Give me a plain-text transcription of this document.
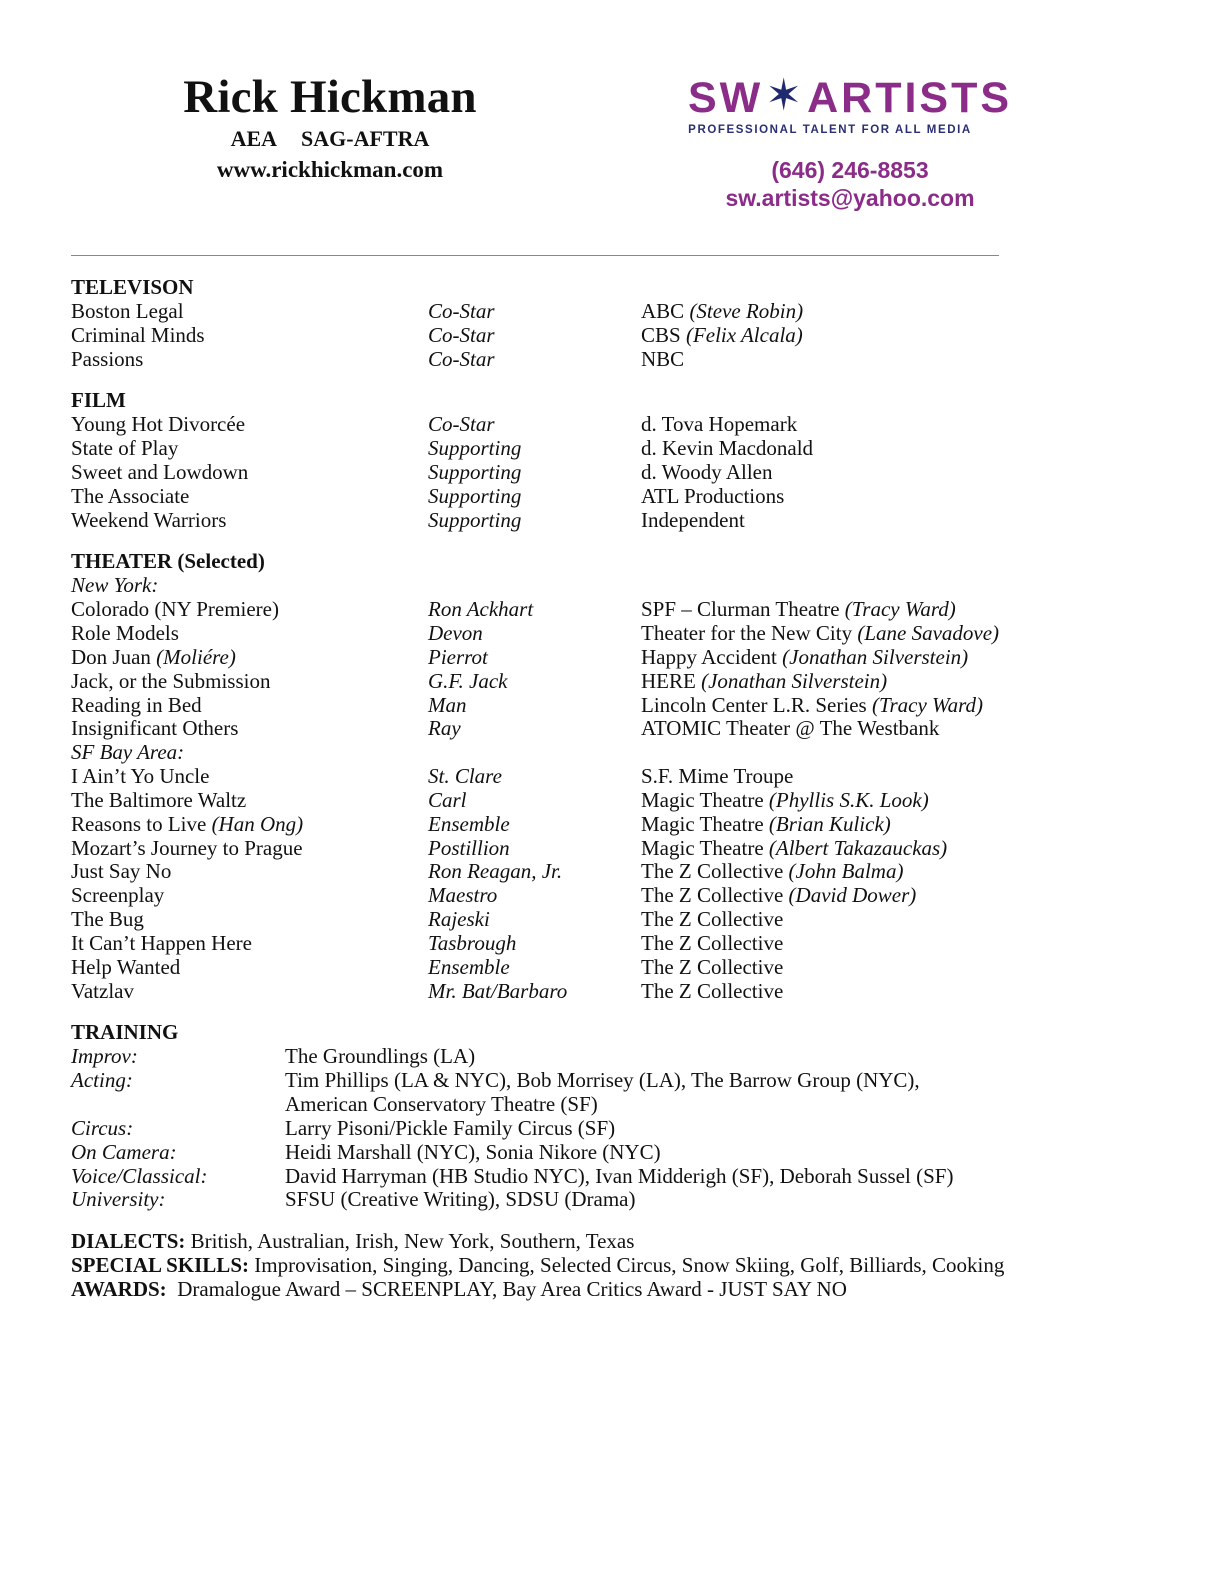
Rick Hickman
AEA SAG-AFTRA
www.rickhickman.com
SW✶ARTISTS
PROFESSIONAL TALENT FOR ALL MEDIA
(646) 246-8853
sw.artists@yahoo.com
TELEVISON
Boston Legal	Co-Star	ABC (Steve Robin)
Criminal Minds	Co-Star	CBS (Felix Alcala)
Passions	Co-Star	NBC
FILM
Young Hot Divorcée	Co-Star	d. Tova Hopemark
State of Play	Supporting	d. Kevin Macdonald
Sweet and Lowdown	Supporting	d. Woody Allen
The Associate	Supporting	ATL Productions
Weekend Warriors	Supporting	Independent
THEATER (Selected)
New York:
Colorado (NY Premiere)	Ron Ackhart	SPF – Clurman Theatre (Tracy Ward)
Role Models	Devon	Theater for the New City (Lane Savadove)
Don Juan (Moliére)	Pierrot	Happy Accident (Jonathan Silverstein)
Jack, or the Submission	G.F. Jack	HERE (Jonathan Silverstein)
Reading in Bed	Man	Lincoln Center L.R. Series (Tracy Ward)
Insignificant Others	Ray	ATOMIC Theater @ The Westbank
SF Bay Area:
I Ain’t Yo Uncle	St. Clare	S.F. Mime Troupe
The Baltimore Waltz	Carl	Magic Theatre (Phyllis S.K. Look)
Reasons to Live (Han Ong)	Ensemble	Magic Theatre (Brian Kulick)
Mozart’s Journey to Prague	Postillion	Magic Theatre (Albert Takazauckas)
Just Say No	Ron Reagan, Jr.	The Z Collective (John Balma)
Screenplay	Maestro	The Z Collective (David Dower)
The Bug	Rajeski	The Z Collective
It Can’t Happen Here	Tasbrough	The Z Collective
Help Wanted	Ensemble	The Z Collective
Vatzlav	Mr. Bat/Barbaro	The Z Collective
TRAINING
Improv:	The Groundlings (LA)
Acting:	Tim Phillips (LA & NYC), Bob Morrisey (LA), The Barrow Group (NYC),
American Conservatory Theatre (SF)
Circus:	Larry Pisoni/Pickle Family Circus (SF)
On Camera:	Heidi Marshall (NYC), Sonia Nikore (NYC)
Voice/Classical:	David Harryman (HB Studio NYC), Ivan Midderigh (SF), Deborah Sussel (SF)
University:	SFSU (Creative Writing), SDSU (Drama)
DIALECTS: British, Australian, Irish, New York, Southern, Texas
SPECIAL SKILLS: Improvisation, Singing, Dancing, Selected Circus, Snow Skiing, Golf, Billiards, Cooking
AWARDS:  Dramalogue Award – SCREENPLAY, Bay Area Critics Award - JUST SAY NO
